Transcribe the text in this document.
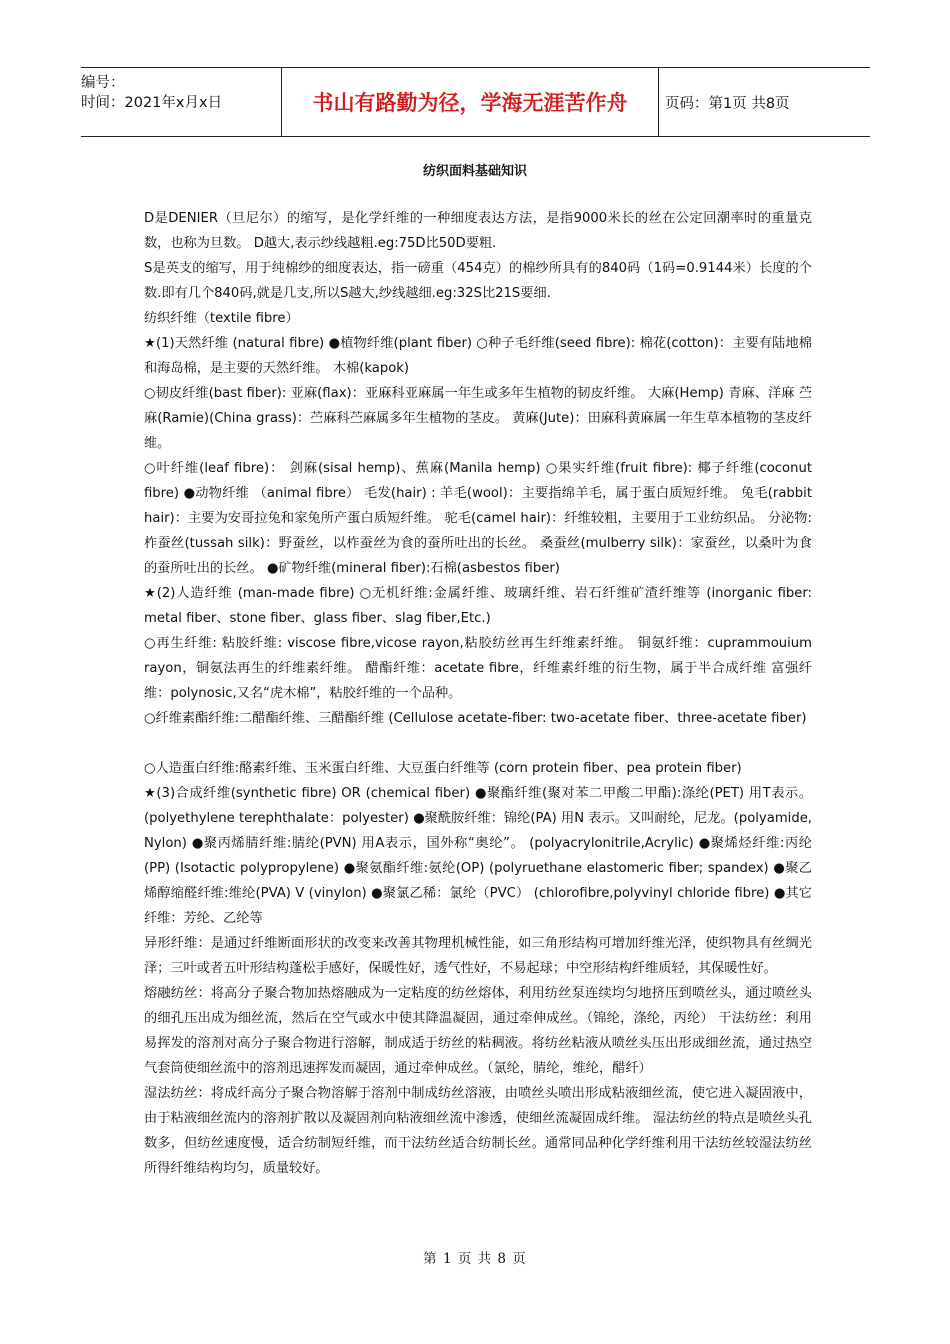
编号：
时间：2021年x月x日	书山有路勤为径，学海无涯苦作舟	页码：第1页 共8页
纺织面料基础知识

D是DENIER（旦尼尔）的缩写，是化学纤维的一种细度表达方法，是指9000米长的丝在公定回潮率时的重量克数，也称为旦数。 D越大,表示纱线越粗.eg:75D比50D要粗.

S是英支的缩写，用于纯棉纱的细度表达，指一磅重（454克）的棉纱所具有的840码（1码=0.9144米）长度的个数.即有几个840码,就是几支,所以S越大,纱线越细.eg:32S比21S要细.

纺织纤维（textile fibre）

★(1)天然纤维 (natural fibre) ●植物纤维(plant fiber) ○种子毛纤维(seed fibre): 棉花(cotton)：主要有陆地棉和海岛棉，是主要的天然纤维。 木棉(kapok)

○韧皮纤维(bast fiber): 亚麻(flax)：亚麻科亚麻属一年生或多年生植物的韧皮纤维。 大麻(Hemp) 青麻、洋麻 苎麻(Ramie)(China grass)：苎麻科苎麻属多年生植物的茎皮。 黄麻(Jute)：田麻科黄麻属一年生草本植物的茎皮纤维。

○叶纤维(leaf fibre)： 剑麻(sisal hemp)、蕉麻(Manila hemp) ○果实纤维(fruit fibre): 椰子纤维(coconut fibre) ●动物纤维 （animal fibre） 毛发(hair) : 羊毛(wool)：主要指绵羊毛，属于蛋白质短纤维。 兔毛(rabbit hair)：主要为安哥拉兔和家兔所产蛋白质短纤维。 驼毛(camel hair)：纤维较粗，主要用于工业纺织品。 分泌物: 柞蚕丝(tussah silk)：野蚕丝，以柞蚕丝为食的蚕所吐出的长丝。 桑蚕丝(mulberry silk)：家蚕丝，以桑叶为食的蚕所吐出的长丝。 ●矿物纤维(mineral fiber):石棉(asbestos fiber)

★(2)人造纤维 (man-made fibre) ○无机纤维:金属纤维、玻璃纤维、岩石纤维矿渣纤维等 (inorganic fiber: metal fiber、stone fiber、glass fiber、slag fiber,Etc.)

○再生纤维: 粘胶纤维: viscose fibre,vicose rayon,粘胶纺丝再生纤维素纤维。 铜氨纤维：cuprammouium rayon，铜氨法再生的纤维素纤维。 醋酯纤维：acetate fibre，纤维素纤维的衍生物，属于半合成纤维 富强纤维：polynosic,又名“虎木棉”，粘胶纤维的一个品种。

○纤维素酯纤维:二醋酯纤维、三醋酯纤维 (Cellulose acetate-fiber: two-acetate fiber、three-acetate fiber)

○人造蛋白纤维:酪素纤维、玉米蛋白纤维、大豆蛋白纤维等 (corn protein fiber、pea protein fiber)

★(3)合成纤维(synthetic fibre) OR (chemical fiber) ●聚酯纤维(聚对苯二甲酸二甲酯):涤纶(PET) 用T表示。 (polyethylene terephthalate：polyester) ●聚酰胺纤维：锦纶(PA) 用N 表示。又叫耐纶，尼龙。(polyamide, Nylon) ●聚丙烯腈纤维:腈纶(PVN) 用A表示，国外称“奥纶”。 (polyacrylonitrile,Acrylic) ●聚烯烃纤维:丙纶(PP) (Isotactic polypropylene) ●聚氨酯纤维:氨纶(OP) (polyruethane elastomeric fiber; spandex) ●聚乙烯醇缩醛纤维:维纶(PVA) V (vinylon) ●聚氯乙稀：氯纶（PVC） (chlorofibre,polyvinyl chloride fibre) ●其它纤维：芳纶、乙纶等

异形纤维：是通过纤维断面形状的改变来改善其物理机械性能，如三角形结构可增加纤维光泽，使织物具有丝绸光泽；三叶或者五叶形结构蓬松手感好，保暖性好，透气性好，不易起球；中空形结构纤维质轻，其保暖性好。

熔融纺丝：将高分子聚合物加热熔融成为一定粘度的纺丝熔体，利用纺丝泵连续均匀地挤压到喷丝头，通过喷丝头的细孔压出成为细丝流，然后在空气或水中使其降温凝固，通过牵伸成丝。（锦纶，涤纶，丙纶） 干法纺丝：利用易挥发的溶剂对高分子聚合物进行溶解，制成适于纺丝的粘稠液。将纺丝粘液从喷丝头压出形成细丝流，通过热空气套筒使细丝流中的溶剂迅速挥发而凝固，通过牵伸成丝。（氯纶，腈纶，维纶，醋纤）

湿法纺丝：将成纤高分子聚合物溶解于溶剂中制成纺丝溶液，由喷丝头喷出形成粘液细丝流，使它进入凝固液中，由于粘液细丝流内的溶剂扩散以及凝固剂向粘液细丝流中渗透，使细丝流凝固成纤维。 湿法纺丝的特点是喷丝头孔数多，但纺丝速度慢，适合纺制短纤维，而干法纺丝适合纺制长丝。通常同品种化学纤维利用干法纺丝较湿法纺丝所得纤维结构均匀，质量较好。

第 1 页 共 8 页
